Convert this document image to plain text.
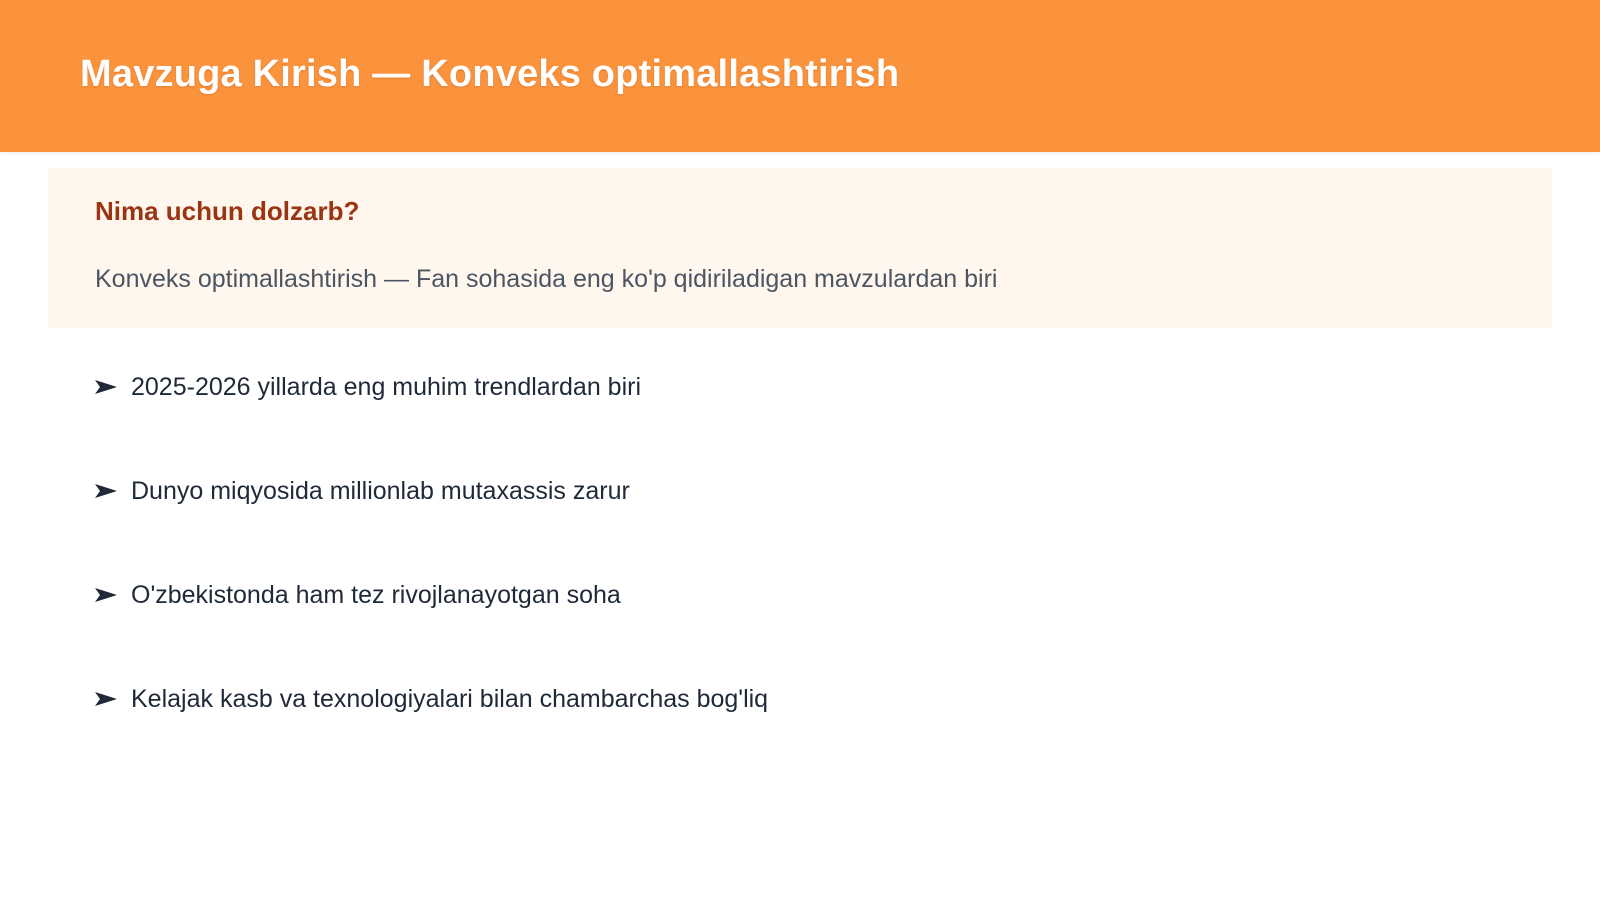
Mavzuga Kirish — Konveks optimallashtirish
Nima uchun dolzarb?

Konveks optimallashtirish — Fan sohasida eng ko'p qidiriladigan mavzulardan biri

2025-2026 yillarda eng muhim trendlardan biri
Dunyo miqyosida millionlab mutaxassis zarur
O'zbekistonda ham tez rivojlanayotgan soha
Kelajak kasb va texnologiyalari bilan chambarchas bog'liq
